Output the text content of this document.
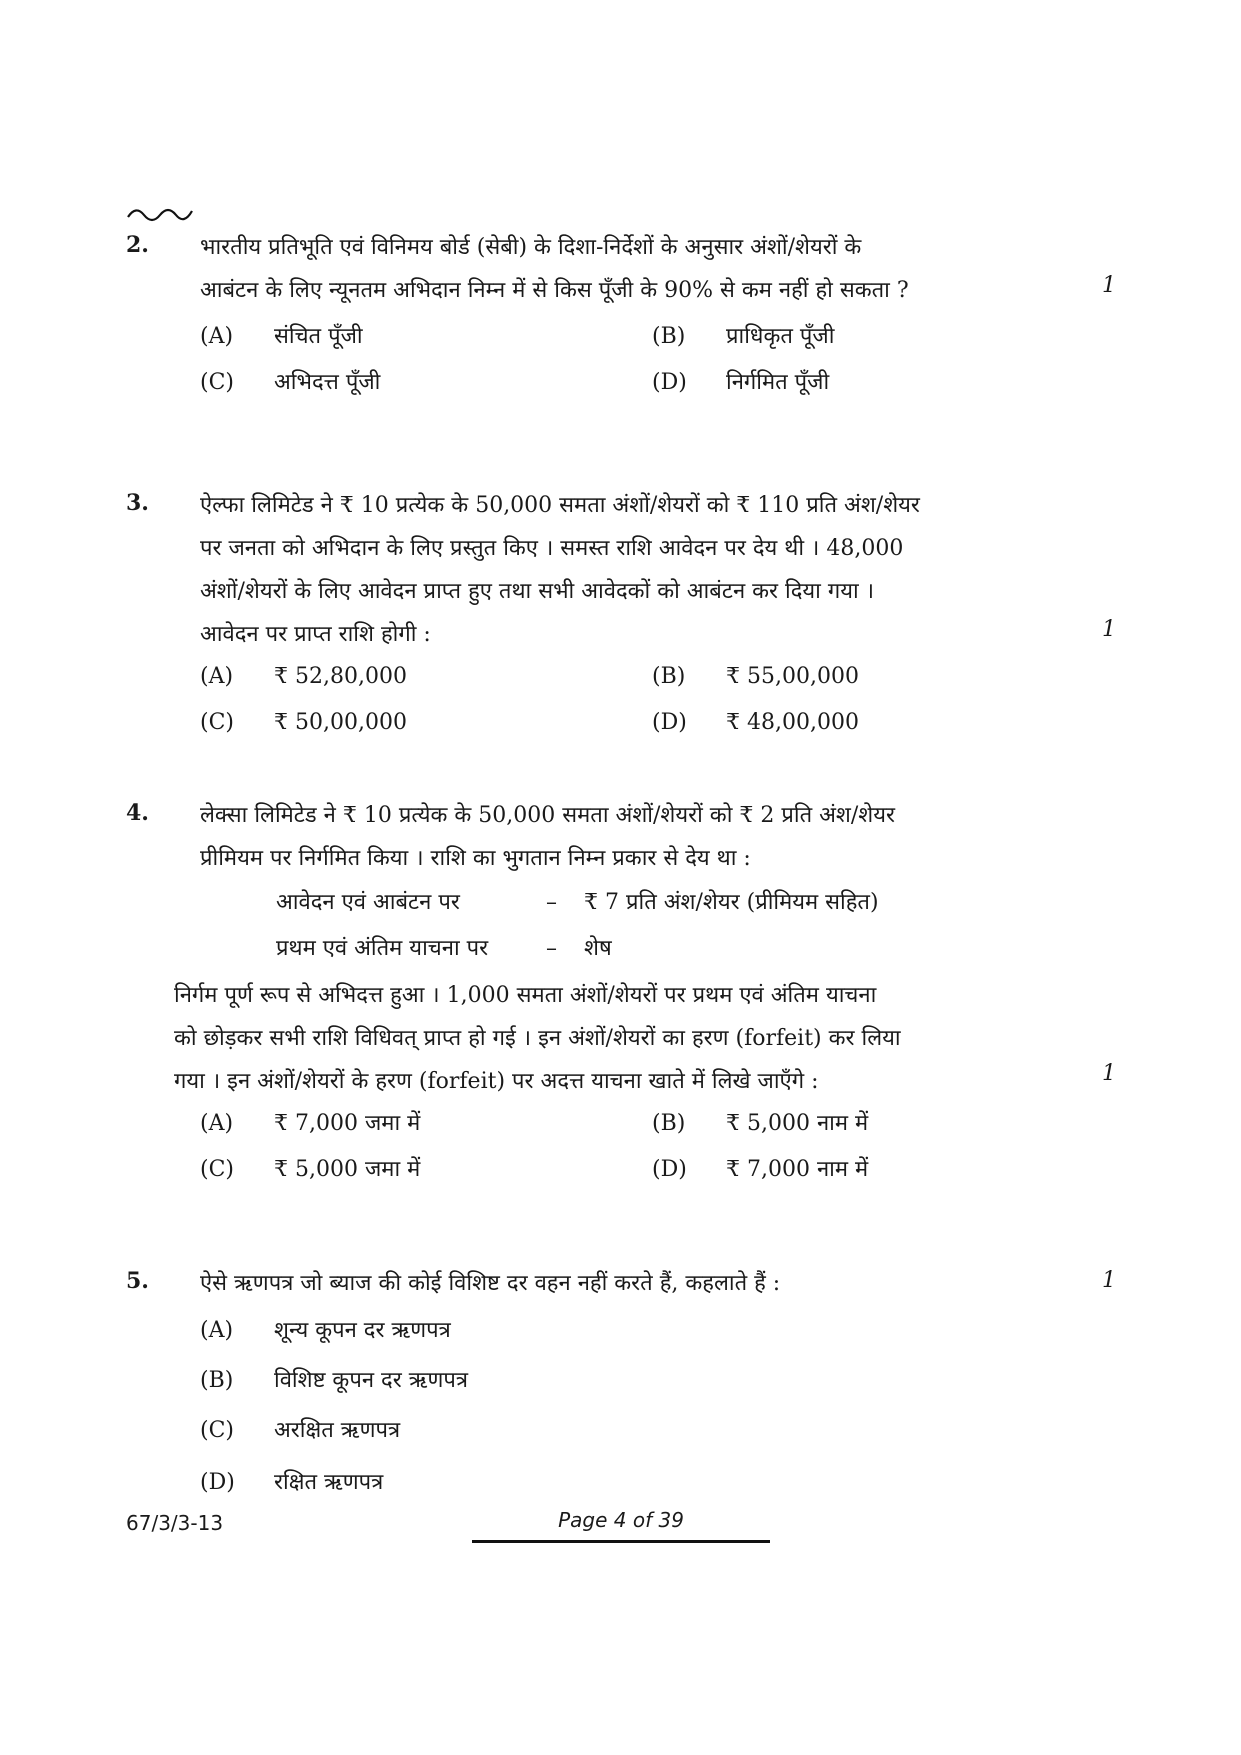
2. भारतीय प्रतिभूति एवं विनिमय बोर्ड (सेबी) के दिशा-निर्देशों के अनुसार अंशों/शेयरों के
आबंटन के लिए न्यूनतम अभिदान निम्न में से किस पूँजी के 90% से कम नहीं हो सकता ?	1
(A) संचित पूँजी	(B) प्राधिकृत पूँजी
(C) अभिदत्त पूँजी	(D) निर्गमित पूँजी
3. ऐल्फा लिमिटेड ने ₹ 10 प्रत्येक के 50,000 समता अंशों/शेयरों को ₹ 110 प्रति अंश/शेयर
पर जनता को अभिदान के लिए प्रस्तुत किए । समस्त राशि आवेदन पर देय थी । 48,000
अंशों/शेयरों के लिए आवेदन प्राप्त हुए तथा सभी आवेदकों को आबंटन कर दिया गया ।
आवेदन पर प्राप्त राशि होगी :	1
(A) ₹ 52,80,000	(B) ₹ 55,00,000
(C) ₹ 50,00,000	(D) ₹ 48,00,000
4. लेक्सा लिमिटेड ने ₹ 10 प्रत्येक के 50,000 समता अंशों/शेयरों को ₹ 2 प्रति अंश/शेयर
प्रीमियम पर निर्गमित किया । राशि का भुगतान निम्न प्रकार से देय था :
आवेदन एवं आबंटन पर	– ₹ 7 प्रति अंश/शेयर (प्रीमियम सहित)
प्रथम एवं अंतिम याचना पर	– शेष
निर्गम पूर्ण रूप से अभिदत्त हुआ । 1,000 समता अंशों/शेयरों पर प्रथम एवं अंतिम याचना
को छोड़कर सभी राशि विधिवत् प्राप्त हो गई । इन अंशों/शेयरों का हरण (forfeit) कर लिया
गया । इन अंशों/शेयरों के हरण (forfeit) पर अदत्त याचना खाते में लिखे जाएँगे :	1
(A) ₹ 7,000 जमा में	(B) ₹ 5,000 नाम में
(C) ₹ 5,000 जमा में	(D) ₹ 7,000 नाम में
5. ऐसे ऋणपत्र जो ब्याज की कोई विशिष्ट दर वहन नहीं करते हैं, कहलाते हैं :	1
(A) शून्य कूपन दर ऋणपत्र
(B) विशिष्ट कूपन दर ऋणपत्र
(C) अरक्षित ऋणपत्र
(D) रक्षित ऋणपत्र
67/3/3-13	Page 4 of 39
